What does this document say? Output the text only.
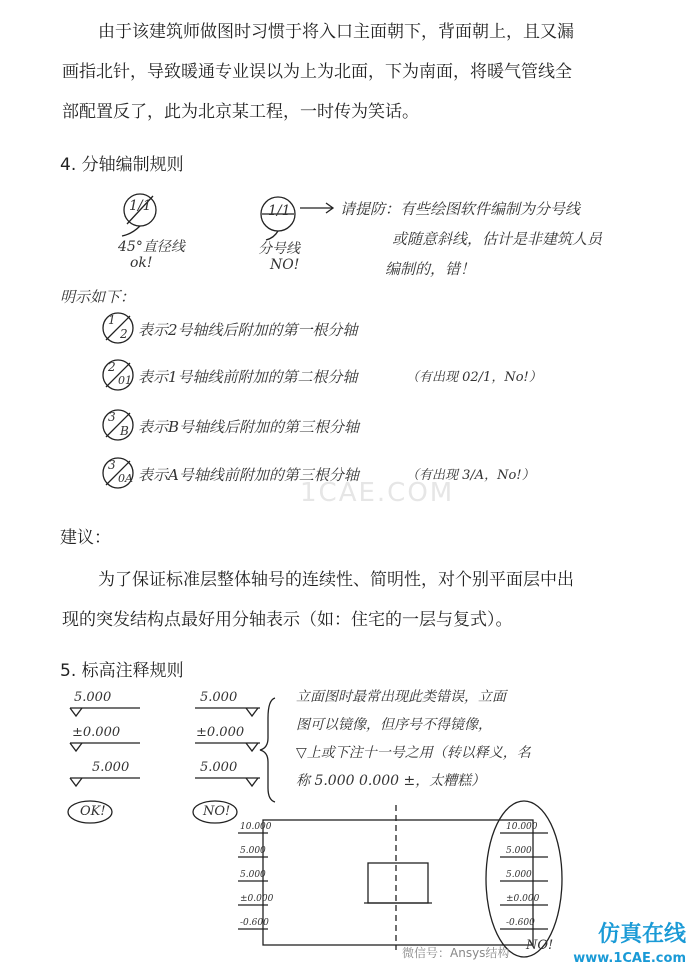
由于该建筑师做图时习惯于将入口主面朝下，背面朝上，且又漏
画指北针，导致暖通专业误以为上为北面，下为南面，将暖气管线全
部配置反了，此为北京某工程，一时传为笑话。
4. 分轴编制规则
1/1	1/1
45°直径线
ok!
分号线
NO!
请提防：有些绘图软件编制为分号线
或随意斜线，估计是非建筑人员
编制的，错！
明示如下：
1
2 表示2号轴线后附加的第一根分轴
2
01 表示1号轴线前附加的第二根分轴	（有出现 02/1，No!）
3
B 表示B号轴线后附加的第三根分轴
3
0A 表示A号轴线前附加的第三根分轴	（有出现 3/A，No!）
1CAE.COM
建议：
为了保证标准层整体轴号的连续性、简明性，对个别平面层中出
现的突发结构点最好用分轴表示（如：住宅的一层与复式）。
5. 标高注释规则
5.000
±0.000
5.000
OK!
5.000
±0.000
5.000
NO!
立面图时最常出现此类错误，立面
图可以镜像，但序号不得镜像，
▽上或下注十一号之用（转以释义，名
称 5.000 0.000 ±，太糟糕）
10.000
5.000
5.000
±0.000
-0.600
10.000
5.000
5.000
±0.000
-0.600
NO!
微信号：Ansys结构
仿真在线
www.1CAE.com
